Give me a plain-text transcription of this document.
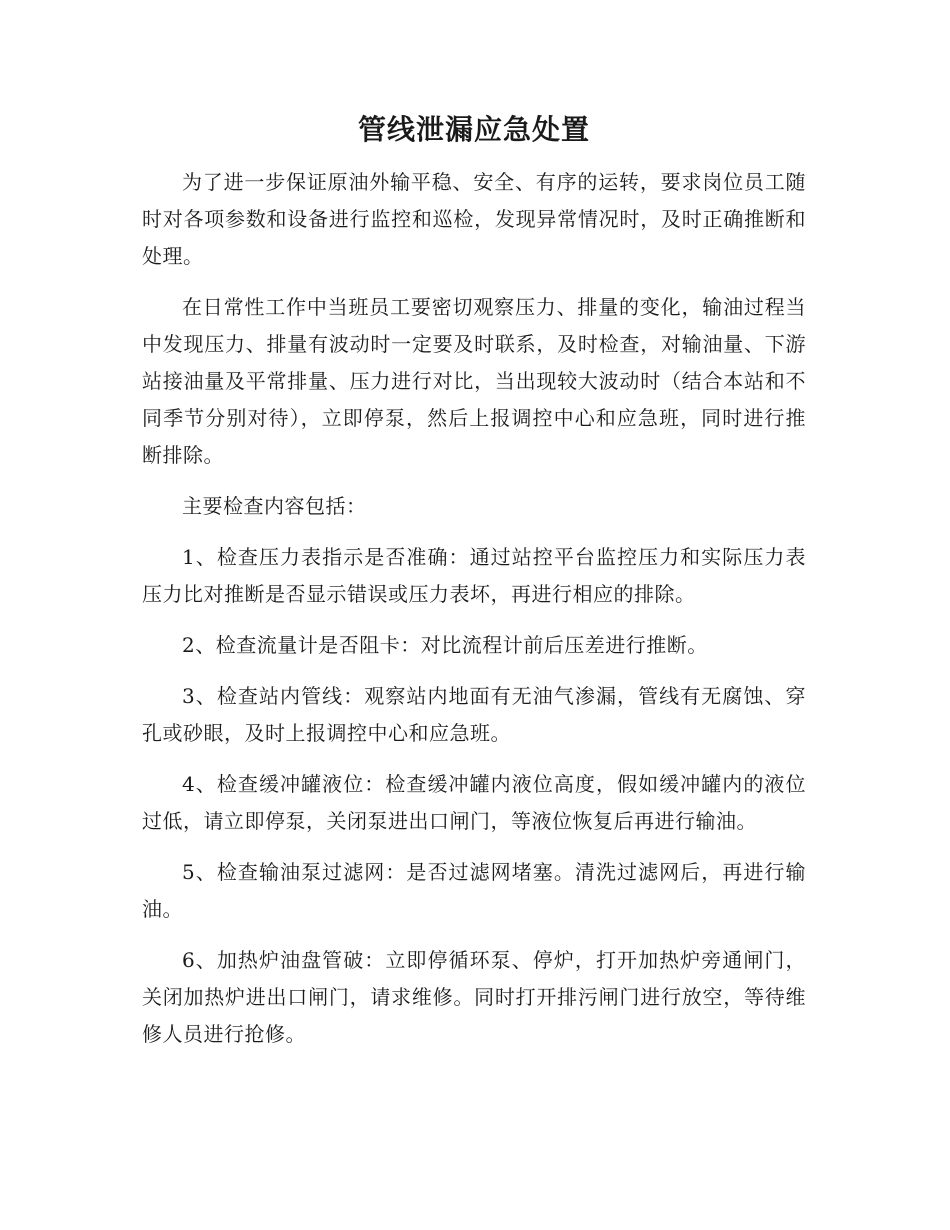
管线泄漏应急处置

为了进一步保证原油外输平稳、安全、有序的运转，要求岗位员工随时对各项参数和设备进行监控和巡检，发现异常情况时，及时正确推断和处理。

在日常性工作中当班员工要密切观察压力、排量的变化，输油过程当中发现压力、排量有波动时一定要及时联系，及时检查，对输油量、下游站接油量及平常排量、压力进行对比，当出现较大波动时（结合本站和不同季节分别对待），立即停泵，然后上报调控中心和应急班，同时进行推断排除。

主要检查内容包括：

1、检查压力表指示是否准确：通过站控平台监控压力和实际压力表压力比对推断是否显示错误或压力表坏，再进行相应的排除。

2、检查流量计是否阻卡：对比流程计前后压差进行推断。

3、检查站内管线：观察站内地面有无油气渗漏，管线有无腐蚀、穿孔或砂眼，及时上报调控中心和应急班。

4、检查缓冲罐液位：检查缓冲罐内液位高度，假如缓冲罐内的液位过低，请立即停泵，关闭泵进出口闸门，等液位恢复后再进行输油。

5、检查输油泵过滤网：是否过滤网堵塞。清洗过滤网后，再进行输油。

6、加热炉油盘管破：立即停循环泵、停炉，打开加热炉旁通闸门，关闭加热炉进出口闸门，请求维修。同时打开排污闸门进行放空，等待维修人员进行抢修。
